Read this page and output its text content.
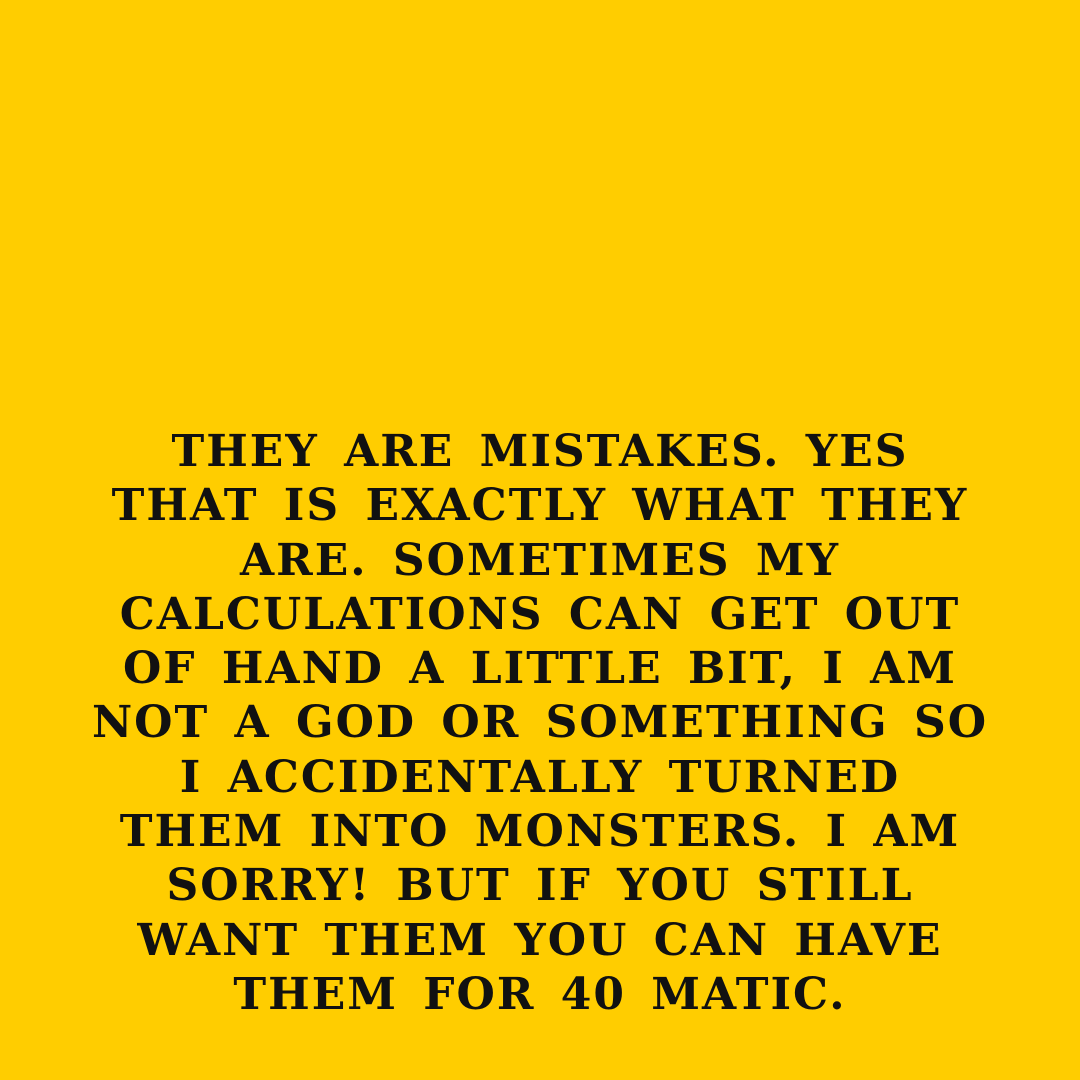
THEY ARE MISTAKES. YES
THAT IS EXACTLY WHAT THEY
ARE. SOMETIMES MY
CALCULATIONS CAN GET OUT
OF HAND A LITTLE BIT, I AM
NOT A GOD OR SOMETHING SO
I ACCIDENTALLY TURNED
THEM INTO MONSTERS. I AM
SORRY! BUT IF YOU STILL
WANT THEM YOU CAN HAVE
THEM FOR 40 MATIC.
